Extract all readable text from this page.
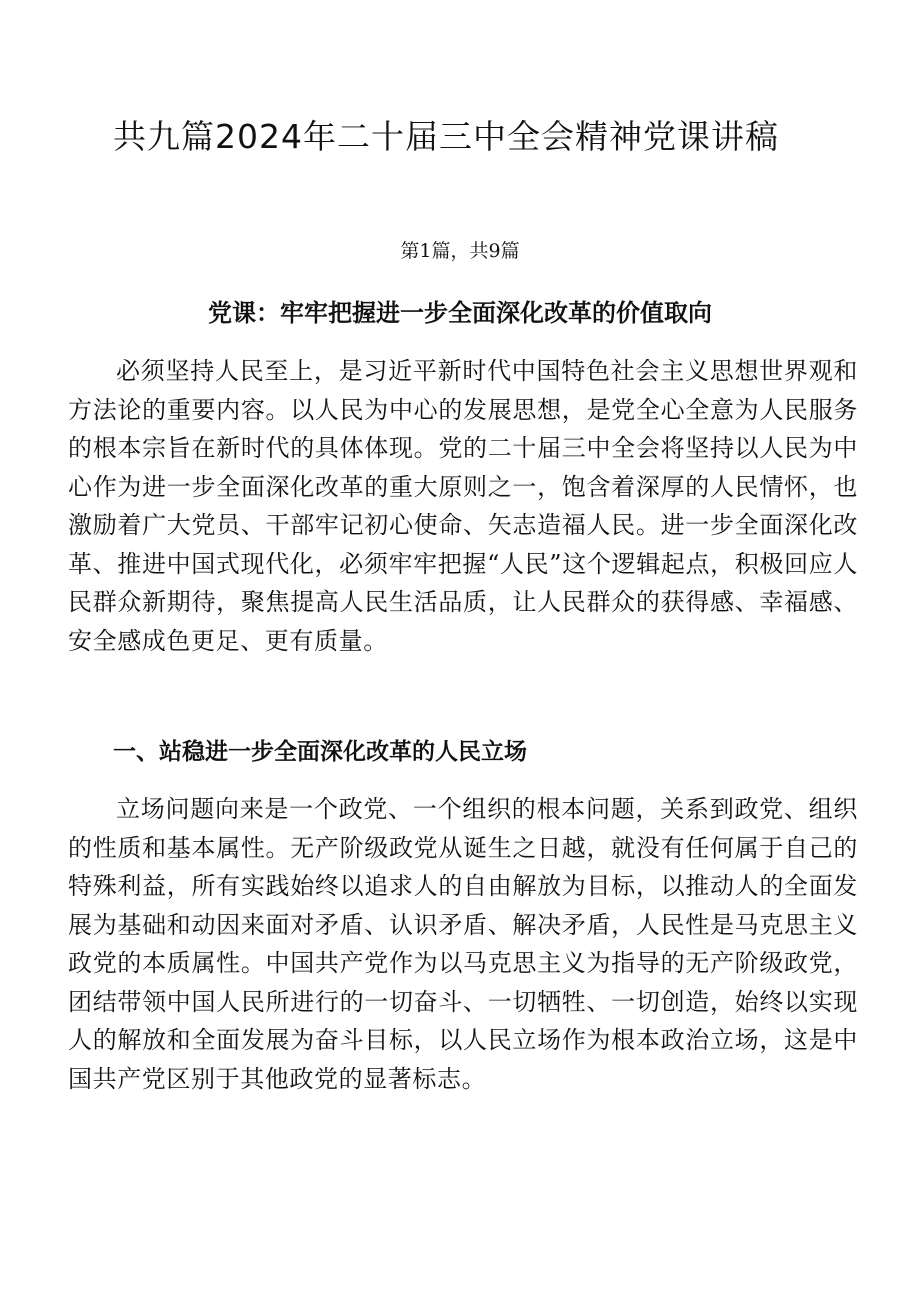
共九篇2024年二十届三中全会精神党课讲稿
第1篇，共9篇
党课：牢牢把握进一步全面深化改革的价值取向

必须坚持人民至上，是习近平新时代中国特色社会主义思想世界观和方法论的重要内容。以人民为中心的发展思想，是党全心全意为人民服务的根本宗旨在新时代的具体体现。党的二十届三中全会将坚持以人民为中心作为进一步全面深化改革的重大原则之一，饱含着深厚的人民情怀，也激励着广大党员、干部牢记初心使命、矢志造福人民。进一步全面深化改革、推进中国式现代化，必须牢牢把握“人民”这个逻辑起点，积极回应人民群众新期待，聚焦提高人民生活品质，让人民群众的获得感、幸福感、安全感成色更足、更有质量。

一、站稳进一步全面深化改革的人民立场

立场问题向来是一个政党、一个组织的根本问题，关系到政党、组织的性质和基本属性。无产阶级政党从诞生之日越，就没有任何属于自己的特殊利益，所有实践始终以追求人的自由解放为目标，以推动人的全面发展为基础和动因来面对矛盾、认识矛盾、解决矛盾，人民性是马克思主义政党的本质属性。中国共产党作为以马克思主义为指导的无产阶级政党，团结带领中国人民所进行的一切奋斗、一切牺牲、一切创造，始终以实现人的解放和全面发展为奋斗目标，以人民立场作为根本政治立场，这是中国共产党区别于其他政党的显著标志。
